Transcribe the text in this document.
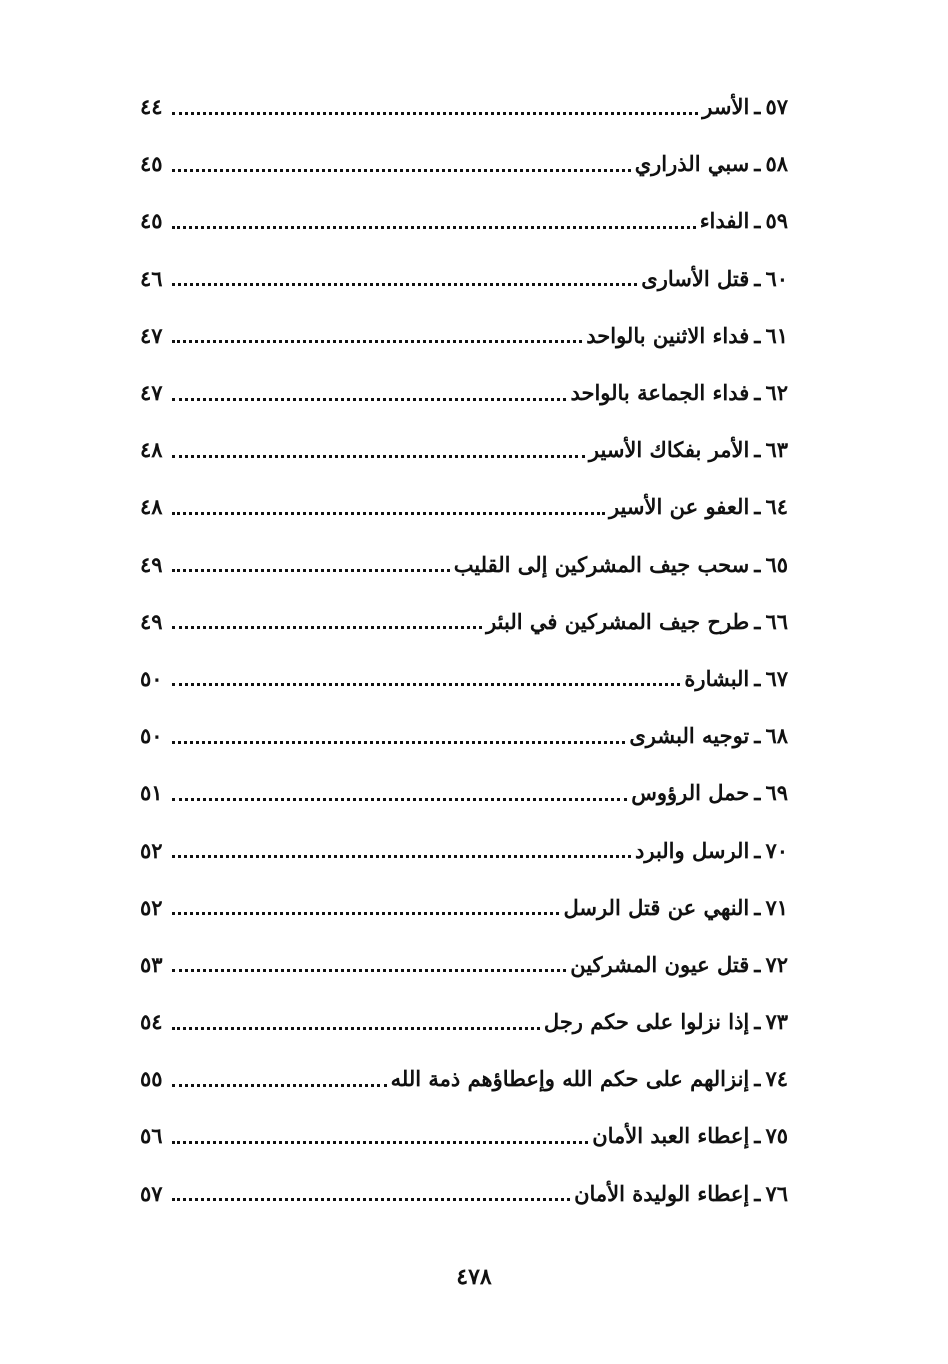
٥٧
ـ
الأسر
٤٤
٥٨
ـ
سبي الذراري
٤٥
٥٩
ـ
الفداء
٤٥
٦٠
ـ
قتل الأسارى
٤٦
٦١
ـ
فداء الاثنين بالواحد
٤٧
٦٢
ـ
فداء الجماعة بالواحد
٤٧
٦٣
ـ
الأمر بفكاك الأسير
٤٨
٦٤
ـ
العفو عن الأسير
٤٨
٦٥
ـ
سحب جيف المشركين إلى القليب
٤٩
٦٦
ـ
طرح جيف المشركين في البئر
٤٩
٦٧
ـ
البشارة
٥٠
٦٨
ـ
توجيه البشرى
٥٠
٦٩
ـ
حمل الرؤوس
٥١
٧٠
ـ
الرسل والبرد
٥٢
٧١
ـ
النهي عن قتل الرسل
٥٢
٧٢
ـ
قتل عيون المشركين
٥٣
٧٣
ـ
إذا نزلوا على حكم رجل
٥٤
٧٤
ـ
إنزالهم على حكم الله وإعطاؤهم ذمة الله
٥٥
٧٥
ـ
إعطاء العبد الأمان
٥٦
٧٦
ـ
إعطاء الوليدة الأمان
٥٧
٤٧٨
